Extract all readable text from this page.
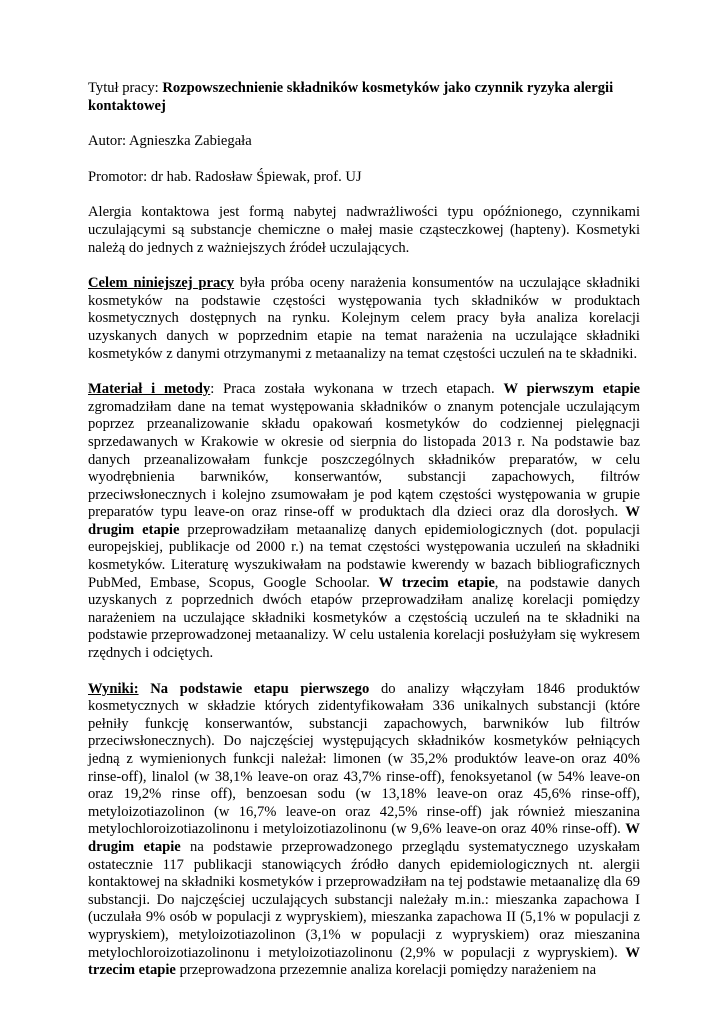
Tytuł pracy: Rozpowszechnienie składników kosmetyków jako czynnik ryzyka alergii kontaktowej

Autor: Agnieszka Zabiegała

Promotor: dr hab. Radosław Śpiewak, prof. UJ

Alergia kontaktowa jest formą nabytej nadwrażliwości typu opóźnionego, czynnikami uczulającymi są substancje chemiczne o małej masie cząsteczkowej (hapteny). Kosmetyki należą do jednych z ważniejszych źródeł uczulających.

Celem niniejszej pracy była próba oceny narażenia konsumentów na uczulające składniki kosmetyków na podstawie częstości występowania tych składników w produktach kosmetycznych dostępnych na rynku. Kolejnym celem pracy była analiza korelacji uzyskanych danych w poprzednim etapie na temat narażenia na uczulające składniki kosmetyków z danymi otrzymanymi z metaanalizy na temat częstości uczuleń na te składniki.

Materiał i metody: Praca została wykonana w trzech etapach. W pierwszym etapie zgromadziłam dane na temat występowania składników o znanym potencjale uczulającym poprzez przeanalizowanie składu opakowań kosmetyków do codziennej pielęgnacji sprzedawanych w Krakowie w okresie od sierpnia do listopada 2013 r. Na podstawie baz danych przeanalizowałam funkcje poszczególnych składników preparatów, w celu wyodrębnienia barwników, konserwantów, substancji zapachowych, filtrów przeciwsłonecznych i kolejno zsumowałam je pod kątem częstości występowania w grupie preparatów typu leave-on oraz rinse-off w produktach dla dzieci oraz dla dorosłych. W drugim etapie przeprowadziłam metaanalizę danych epidemiologicznych (dot. populacji europejskiej, publikacje od 2000 r.) na temat częstości występowania uczuleń na składniki kosmetyków. Literaturę wyszukiwałam na podstawie kwerendy w bazach bibliograficznych PubMed, Embase, Scopus, Google Schoolar. W trzecim etapie, na podstawie danych uzyskanych z poprzednich dwóch etapów przeprowadziłam analizę korelacji pomiędzy narażeniem na uczulające składniki kosmetyków a częstością uczuleń na te składniki na podstawie przeprowadzonej metaanalizy. W celu ustalenia korelacji posłużyłam się wykresem rzędnych i odciętych.

Wyniki: Na podstawie etapu pierwszego do analizy włączyłam 1846 produktów kosmetycznych w składzie których zidentyfikowałam 336 unikalnych substancji (które pełniły funkcję konserwantów, substancji zapachowych, barwników lub filtrów przeciwsłonecznych). Do najczęściej występujących składników kosmetyków pełniących jedną z wymienionych funkcji należał: limonen (w 35,2% produktów leave-on oraz 40% rinse-off), linalol (w 38,1% leave-on oraz 43,7% rinse-off), fenoksyetanol (w 54% leave-on oraz 19,2% rinse off), benzoesan sodu (w 13,18% leave-on oraz 45,6% rinse-off), metyloizotiazolinon (w 16,7% leave-on oraz 42,5% rinse-off) jak również mieszanina metylochloroizotiazolinonu i metyloizotiazolinonu (w 9,6% leave-on oraz 40% rinse-off). W drugim etapie na podstawie przeprowadzonego przeglądu systematycznego uzyskałam ostatecznie 117 publikacji stanowiących źródło danych epidemiologicznych nt. alergii kontaktowej na składniki kosmetyków i przeprowadziłam na tej podstawie metaanalizę dla 69 substancji. Do najczęściej uczulających substancji należały m.in.: mieszanka zapachowa I (uczulała 9% osób w populacji z wypryskiem), mieszanka zapachowa II (5,1% w populacji z wypryskiem), metyloizotiazolinon (3,1% w populacji z wypryskiem) oraz mieszanina metylochloroizotiazolinonu i metyloizotiazolinonu (2,9% w populacji z wypryskiem). W trzecim etapie przeprowadzona przezemnie analiza korelacji pomiędzy narażeniem na
